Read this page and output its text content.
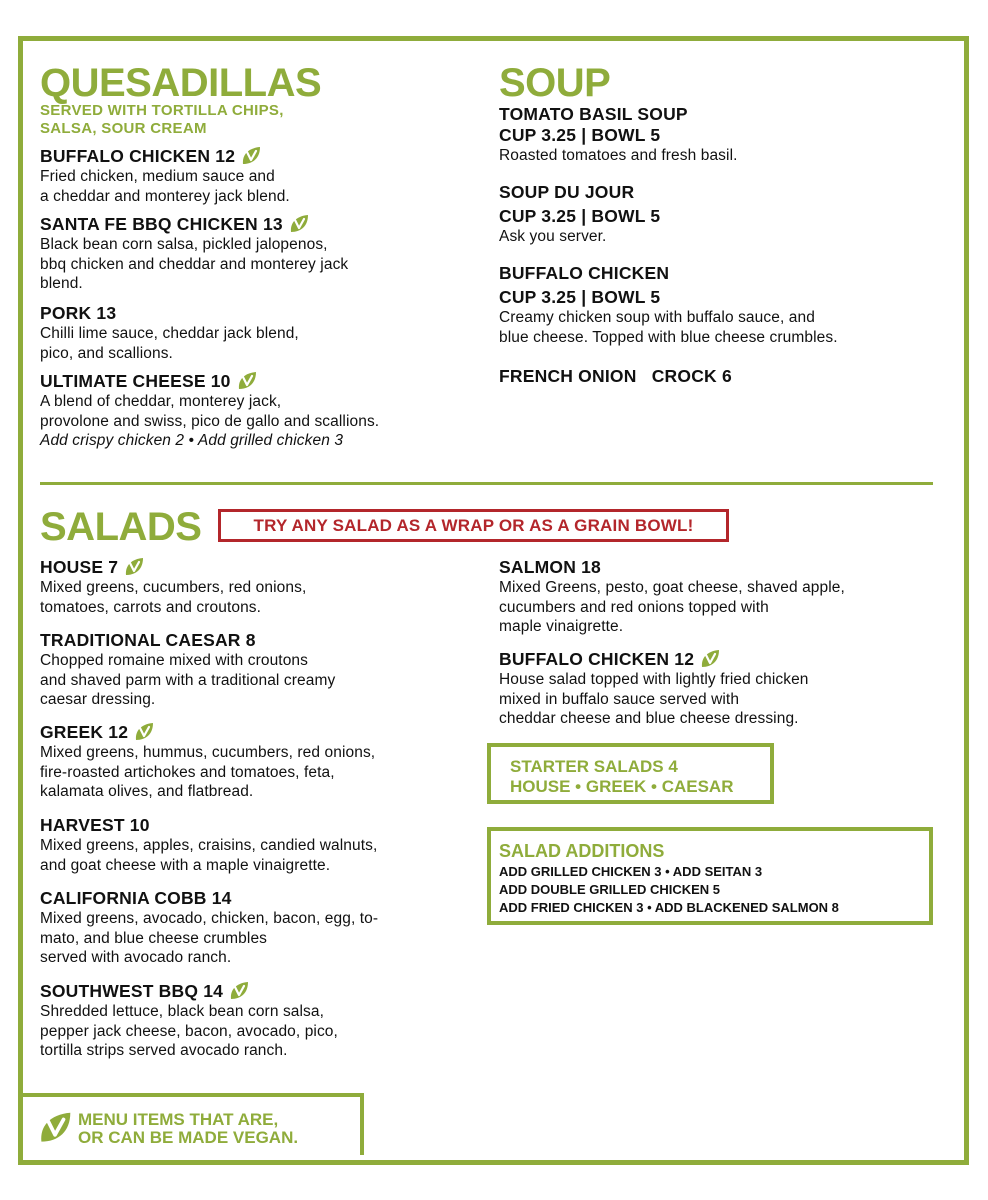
QUESADILLAS
SERVED WITH TORTILLA CHIPS,
SALSA, SOUR CREAM
BUFFALO CHICKEN 12
Fried chicken, medium sauce and
a cheddar and monterey jack blend.
SANTA FE BBQ CHICKEN 13
Black bean corn salsa, pickled jalopenos,
bbq chicken and cheddar and monterey jack
blend.
PORK 13
Chilli lime sauce, cheddar jack blend,
pico, and scallions.
ULTIMATE CHEESE 10
A blend of cheddar, monterey jack,
provolone and swiss, pico de gallo and scallions.
Add crispy chicken 2 • Add grilled chicken 3
SOUP
TOMATO BASIL SOUP
CUP 3.25 | BOWL 5
Roasted tomatoes and fresh basil.
SOUP DU JOUR
CUP 3.25 | BOWL 5
Ask you server.
BUFFALO CHICKEN
CUP 3.25 | BOWL 5
Creamy chicken soup with buffalo sauce, and
blue cheese. Topped with blue cheese crumbles.
FRENCH ONION   CROCK 6
SALADS	TRY ANY SALAD AS A WRAP OR AS A GRAIN BOWL!
HOUSE 7
Mixed greens, cucumbers, red onions,
tomatoes, carrots and croutons.
TRADITIONAL CAESAR 8
Chopped romaine mixed with croutons
and shaved parm with a traditional creamy
caesar dressing.
GREEK 12
Mixed greens, hummus, cucumbers, red onions,
fire-roasted artichokes and tomatoes, feta,
kalamata olives, and flatbread.
HARVEST 10
Mixed greens, apples, craisins, candied walnuts,
and goat cheese with a maple vinaigrette.
CALIFORNIA COBB 14
Mixed greens, avocado, chicken, bacon, egg, to-
mato, and blue cheese crumbles
served with avocado ranch.
SOUTHWEST BBQ 14
Shredded lettuce, black bean corn salsa,
pepper jack cheese, bacon, avocado, pico,
tortilla strips served avocado ranch.
SALMON 18
Mixed Greens, pesto, goat cheese, shaved apple,
cucumbers and red onions topped with
maple vinaigrette.
BUFFALO CHICKEN 12
House salad topped with lightly fried chicken
mixed in buffalo sauce served with
cheddar cheese and blue cheese dressing.
STARTER SALADS 4
HOUSE • GREEK • CAESAR
SALAD ADDITIONS
ADD GRILLED CHICKEN 3 • ADD SEITAN 3
ADD DOUBLE GRILLED CHICKEN 5
ADD FRIED CHICKEN 3 • ADD BLACKENED SALMON 8
MENU ITEMS THAT ARE,
OR CAN BE MADE VEGAN.
